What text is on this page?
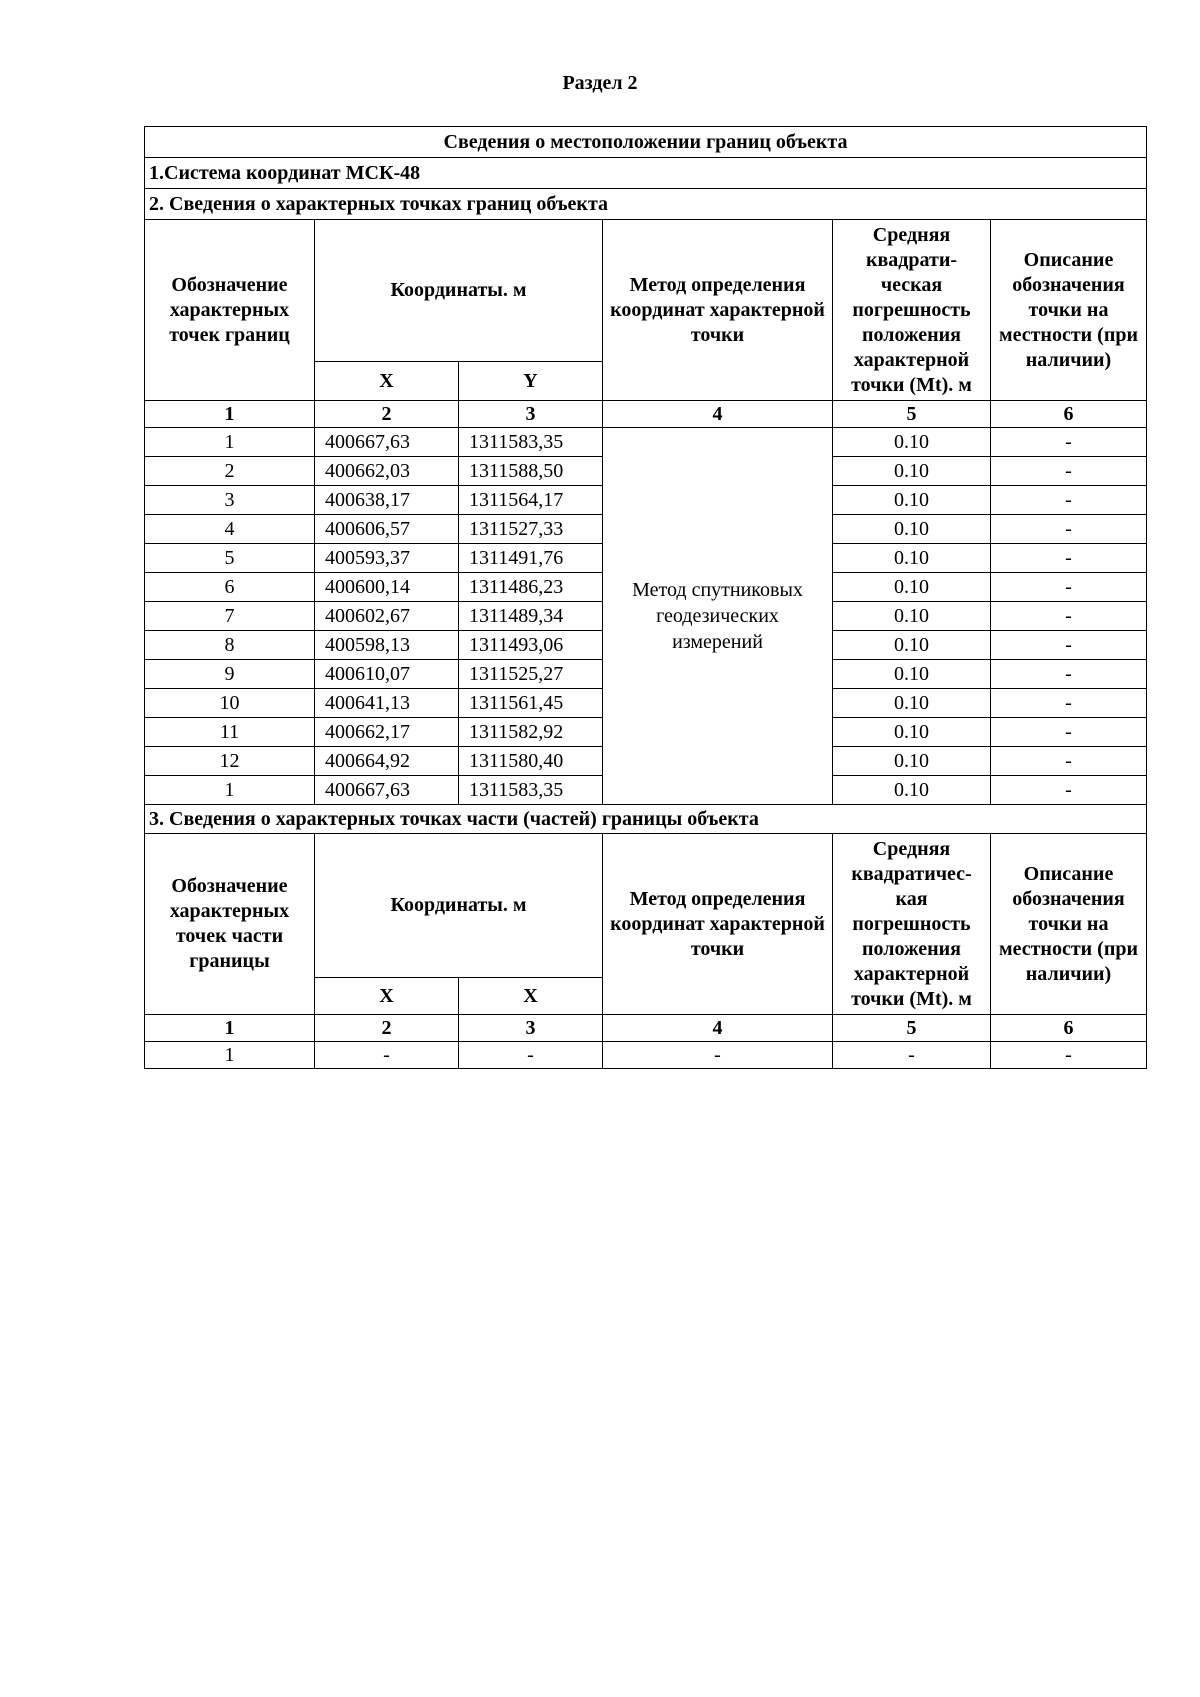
Раздел 2
Сведения о местоположении границ объекта					
1.Система координат МСК-48					
2. Сведения о характерных точках границ объекта					
Обозначение характерных точек границ	Координаты. м		Метод определения координат характерной точки	Средняя квадрати-ческая погрешность положения характерной точки (Mt). м	Описание обозначения точки на местности (при наличии)
	X	Y			
1	2	3	4	5	6
1	400667,63	1311583,35	Метод спутниковых геодезических измерений	0.10	-
2	400662,03	1311588,50		0.10	-
3	400638,17	1311564,17		0.10	-
4	400606,57	1311527,33		0.10	-
5	400593,37	1311491,76		0.10	-
6	400600,14	1311486,23		0.10	-
7	400602,67	1311489,34		0.10	-
8	400598,13	1311493,06		0.10	-
9	400610,07	1311525,27		0.10	-
10	400641,13	1311561,45		0.10	-
11	400662,17	1311582,92		0.10	-
12	400664,92	1311580,40		0.10	-
1	400667,63	1311583,35		0.10	-
3. Сведения о характерных точках части (частей) границы объекта					
Обозначение характерных точек части границы	Координаты. м		Метод определения координат характерной точки	Средняя квадратичес-кая погрешность положения характерной точки (Mt). м	Описание обозначения точки на местности (при наличии)
	X	X			
1	2	3	4	5	6
1	-	-	-	-	-
